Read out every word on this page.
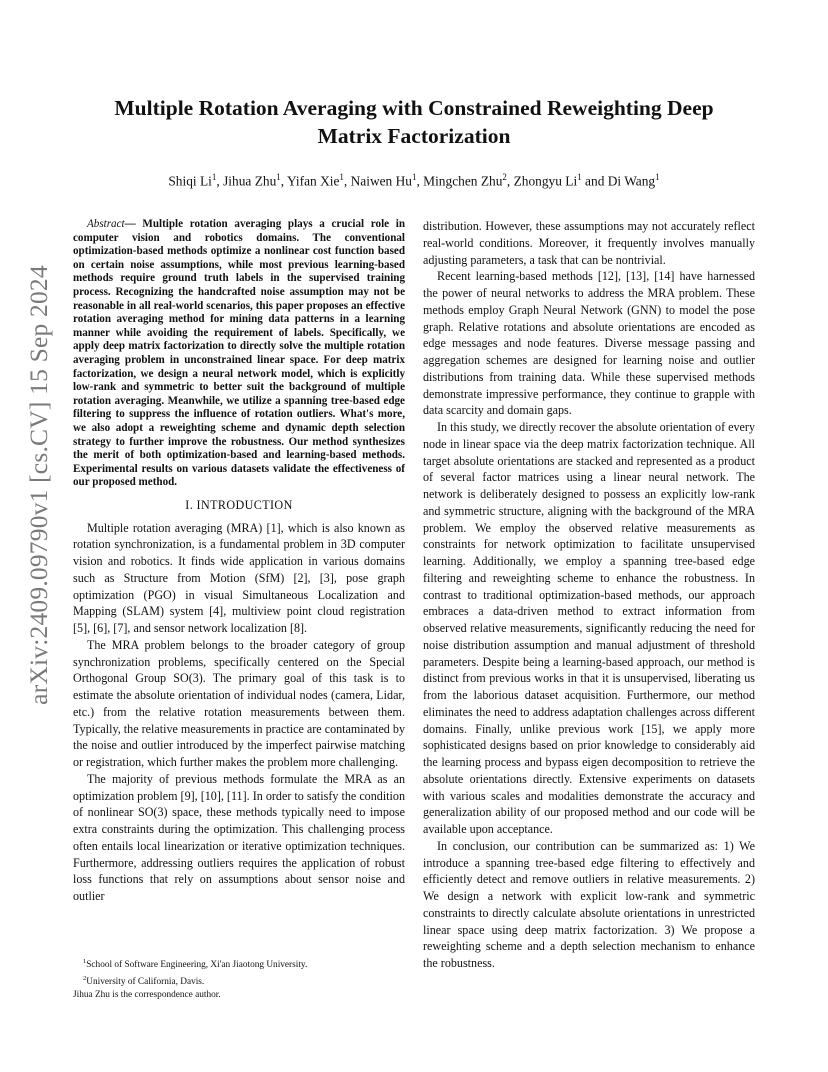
arXiv:2409.09790v1 [cs.CV] 15 Sep 2024
Multiple Rotation Averaging with Constrained Reweighting Deep Matrix Factorization
Shiqi Li$^1$, Jihua Zhu$^1$, Yifan Xie$^1$, Naiwen Hu$^1$, Mingchen Zhu$^2$, Zhongyu Li$^1$ and Di Wang$^1$
Abstract— Multiple rotation averaging plays a crucial role in computer vision and robotics domains. The conventional optimization-based methods optimize a nonlinear cost function based on certain noise assumptions, while most previous learning-based methods require ground truth labels in the supervised training process. Recognizing the handcrafted noise assumption may not be reasonable in all real-world scenarios, this paper proposes an effective rotation averaging method for mining data patterns in a learning manner while avoiding the requirement of labels. Specifically, we apply deep matrix factorization to directly solve the multiple rotation averaging problem in unconstrained linear space. For deep matrix factorization, we design a neural network model, which is explicitly low-rank and symmetric to better suit the background of multiple rotation averaging. Meanwhile, we utilize a spanning tree-based edge filtering to suppress the influence of rotation outliers. What's more, we also adopt a reweighting scheme and dynamic depth selection strategy to further improve the robustness. Our method synthesizes the merit of both optimization-based and learning-based methods. Experimental results on various datasets validate the effectiveness of our proposed method.
I. INTRODUCTION

Multiple rotation averaging (MRA) [1], which is also known as rotation synchronization, is a fundamental problem in 3D computer vision and robotics. It finds wide application in various domains such as Structure from Motion (SfM) [2], [3], pose graph optimization (PGO) in visual Simultaneous Localization and Mapping (SLAM) system [4], multiview point cloud registration [5], [6], [7], and sensor network localization [8].

The MRA problem belongs to the broader category of group synchronization problems, specifically centered on the Special Orthogonal Group SO(3). The primary goal of this task is to estimate the absolute orientation of individual nodes (camera, Lidar, etc.) from the relative rotation measurements between them. Typically, the relative measurements in practice are contaminated by the noise and outlier introduced by the imperfect pairwise matching or registration, which further makes the problem more challenging.

The majority of previous methods formulate the MRA as an optimization problem [9], [10], [11]. In order to satisfy the condition of nonlinear SO(3) space, these methods typically need to impose extra constraints during the optimization. This challenging process often entails local linearization or iterative optimization techniques. Furthermore, addressing outliers requires the application of robust loss functions that rely on assumptions about sensor noise and outlier

distribution. However, these assumptions may not accurately reflect real-world conditions. Moreover, it frequently involves manually adjusting parameters, a task that can be nontrivial.

Recent learning-based methods [12], [13], [14] have harnessed the power of neural networks to address the MRA problem. These methods employ Graph Neural Network (GNN) to model the pose graph. Relative rotations and absolute orientations are encoded as edge messages and node features. Diverse message passing and aggregation schemes are designed for learning noise and outlier distributions from training data. While these supervised methods demonstrate impressive performance, they continue to grapple with data scarcity and domain gaps.

In this study, we directly recover the absolute orientation of every node in linear space via the deep matrix factorization technique. All target absolute orientations are stacked and represented as a product of several factor matrices using a linear neural network. The network is deliberately designed to possess an explicitly low-rank and symmetric structure, aligning with the background of the MRA problem. We employ the observed relative measurements as constraints for network optimization to facilitate unsupervised learning. Additionally, we employ a spanning tree-based edge filtering and reweighting scheme to enhance the robustness. In contrast to traditional optimization-based methods, our approach embraces a data-driven method to extract information from observed relative measurements, significantly reducing the need for noise distribution assumption and manual adjustment of threshold parameters. Despite being a learning-based approach, our method is distinct from previous works in that it is unsupervised, liberating us from the laborious dataset acquisition. Furthermore, our method eliminates the need to address adaptation challenges across different domains. Finally, unlike previous work [15], we apply more sophisticated designs based on prior knowledge to considerably aid the learning process and bypass eigen decomposition to retrieve the absolute orientations directly. Extensive experiments on datasets with various scales and modalities demonstrate the accuracy and generalization ability of our proposed method and our code will be available upon acceptance.

In conclusion, our contribution can be summarized as: 1) We introduce a spanning tree-based edge filtering to effectively and efficiently detect and remove outliers in relative measurements. 2) We design a network with explicit low-rank and symmetric constraints to directly calculate absolute orientations in unrestricted linear space using deep matrix factorization. 3) We propose a reweighting scheme and a depth selection mechanism to enhance the robustness.

$^1$School of Software Engineering, Xi'an Jiaotong University.
$^2$University of California, Davis.
Jihua Zhu is the correspondence author.
